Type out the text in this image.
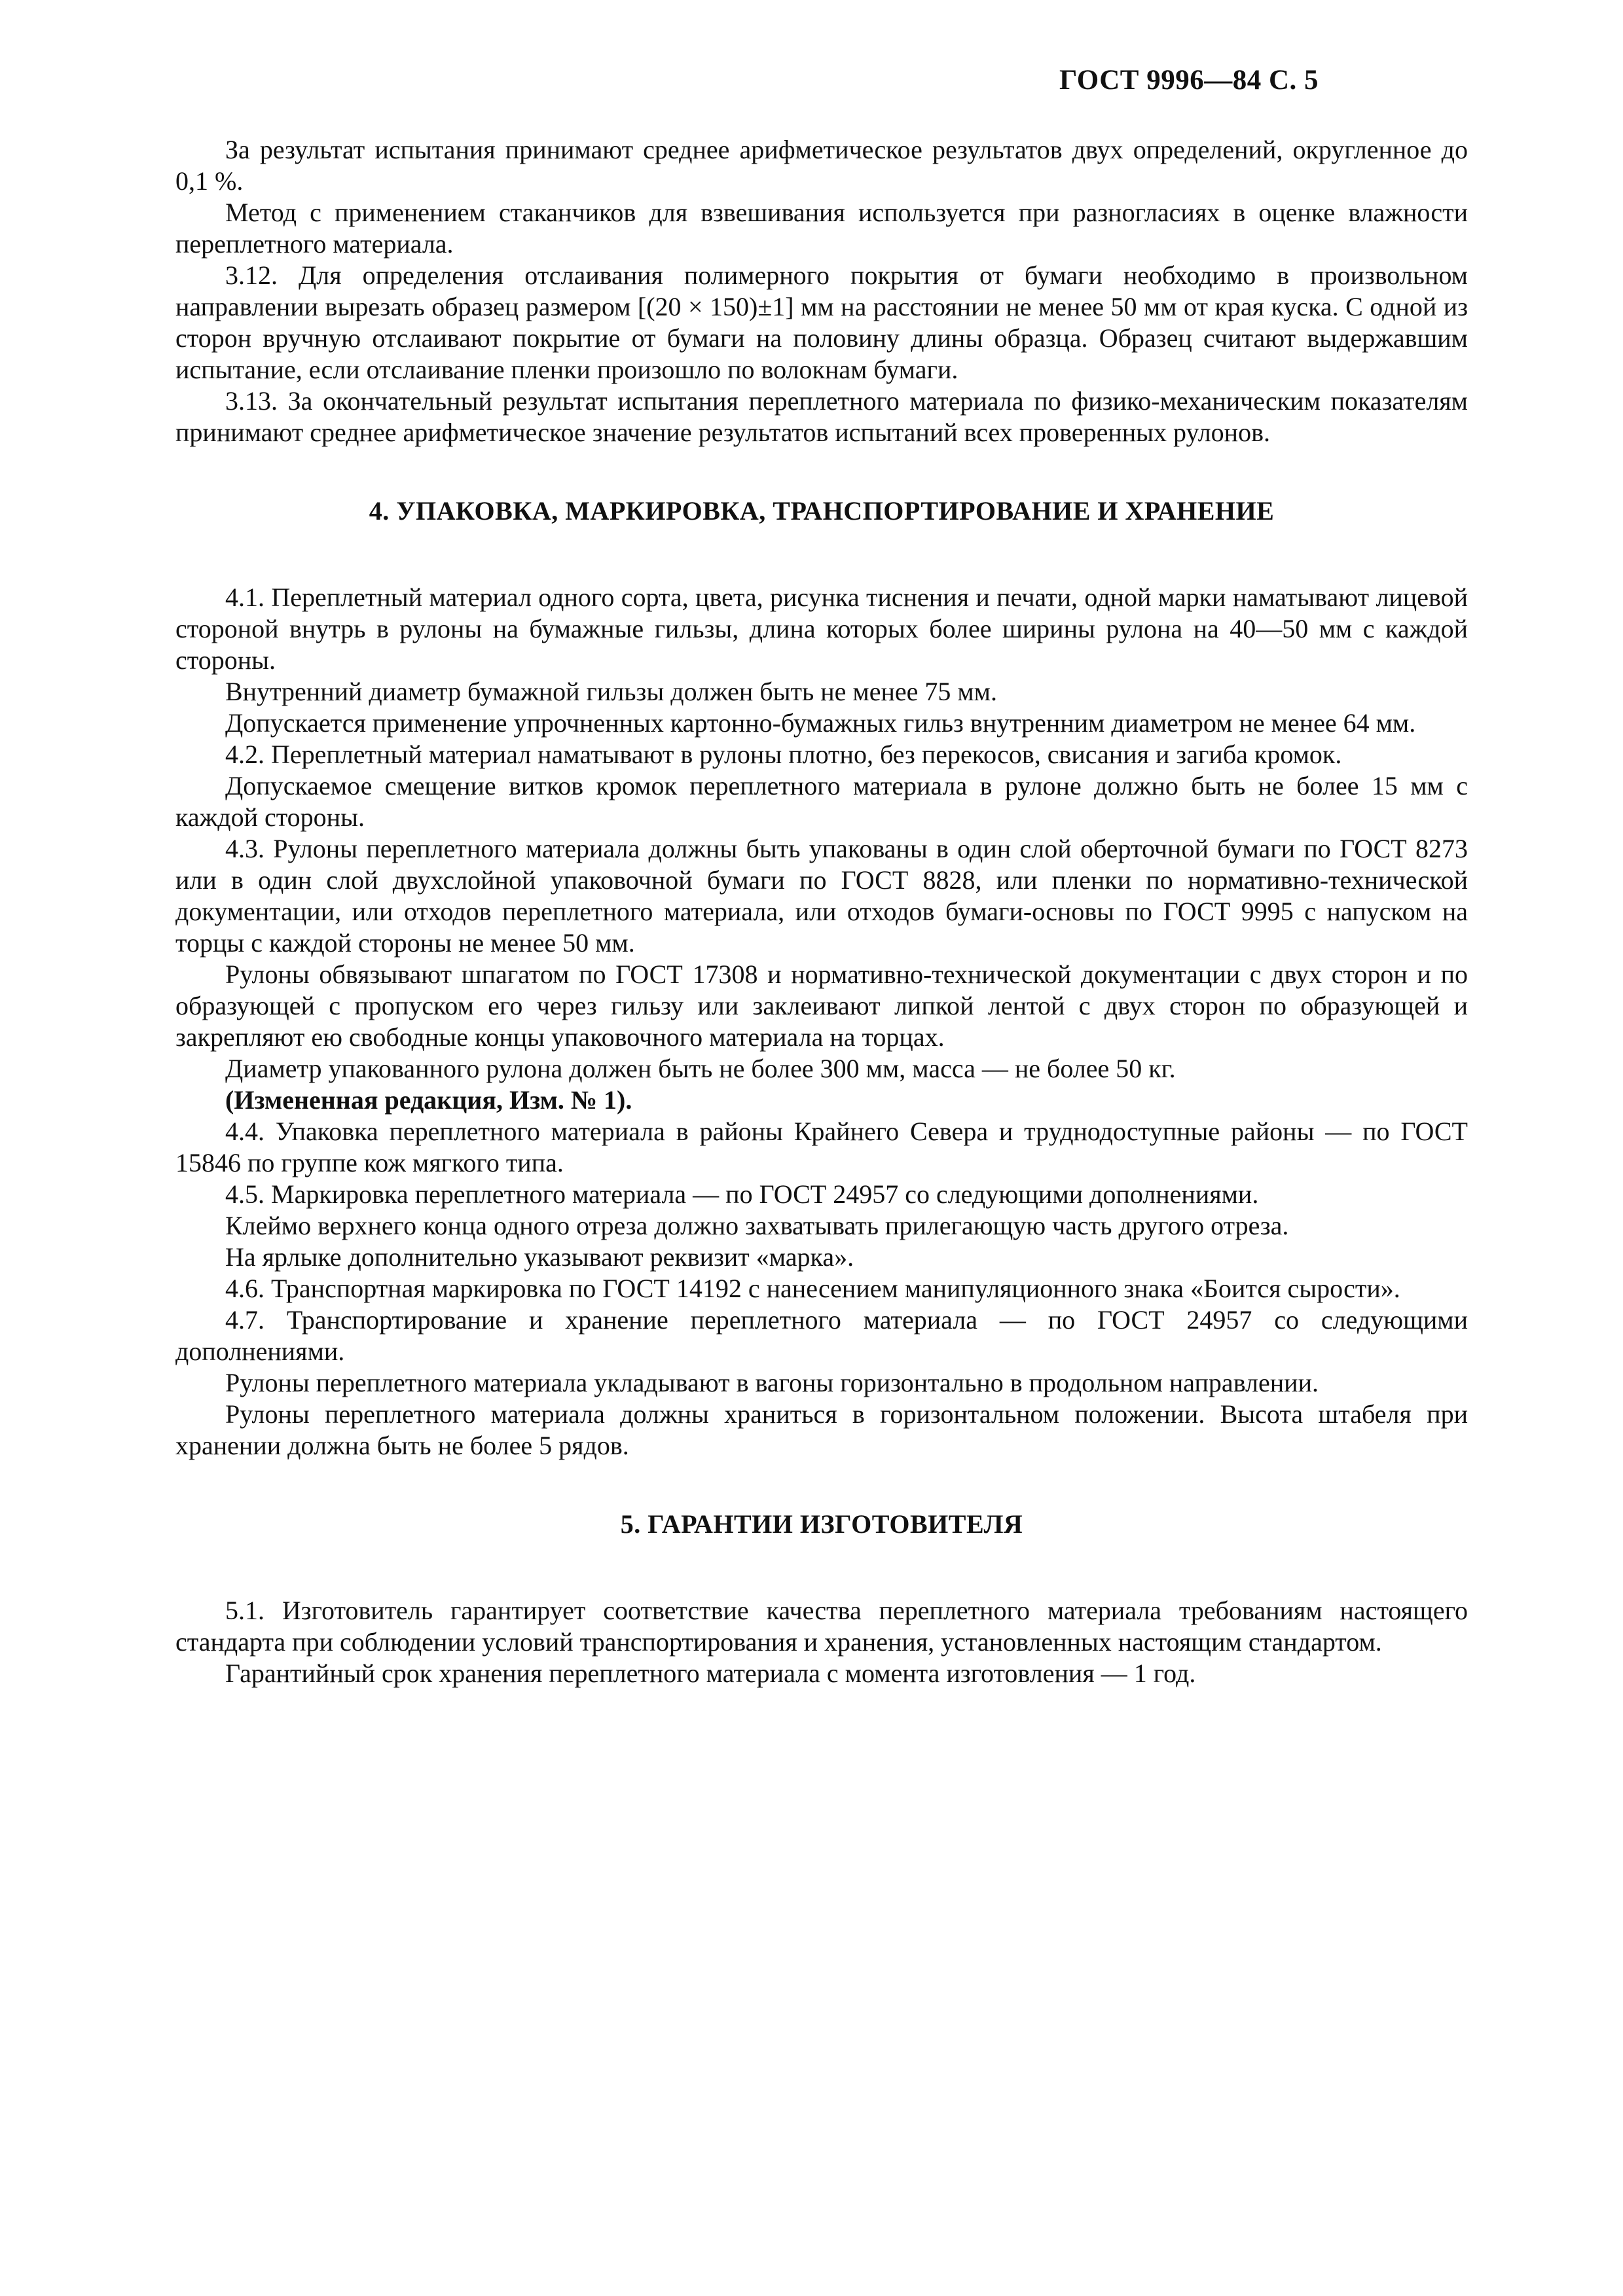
ГОСТ 9996—84 С. 5

За результат испытания принимают среднее арифметическое результатов двух определений, округленное до 0,1 %.

Метод с применением стаканчиков для взвешивания используется при разногласиях в оценке влажности переплетного материала.

3.12. Для определения отслаивания полимерного покрытия от бумаги необходимо в произвольном направлении вырезать образец размером [(20 × 150)±1] мм на расстоянии не менее 50 мм от края куска. С одной из сторон вручную отслаивают покрытие от бумаги на половину длины образца. Образец считают выдержавшим испытание, если отслаивание пленки произошло по волокнам бумаги.

3.13. За окончательный результат испытания переплетного материала по физико-механическим показателям принимают среднее арифметическое значение результатов испытаний всех проверенных рулонов.

4. УПАКОВКА, МАРКИРОВКА, ТРАНСПОРТИРОВАНИЕ И ХРАНЕНИЕ

4.1. Переплетный материал одного сорта, цвета, рисунка тиснения и печати, одной марки наматывают лицевой стороной внутрь в рулоны на бумажные гильзы, длина которых более ширины рулона на 40—50 мм с каждой стороны.

Внутренний диаметр бумажной гильзы должен быть не менее 75 мм.

Допускается применение упрочненных картонно-бумажных гильз внутренним диаметром не менее 64 мм.

4.2. Переплетный материал наматывают в рулоны плотно, без перекосов, свисания и загиба кромок.

Допускаемое смещение витков кромок переплетного материала в рулоне должно быть не более 15 мм с каждой стороны.

4.3. Рулоны переплетного материала должны быть упакованы в один слой оберточной бумаги по ГОСТ 8273 или в один слой двухслойной упаковочной бумаги по ГОСТ 8828, или пленки по нормативно-технической документации, или отходов переплетного материала, или отходов бумаги-основы по ГОСТ 9995 с напуском на торцы с каждой стороны не менее 50 мм.

Рулоны обвязывают шпагатом по ГОСТ 17308 и нормативно-технической документации с двух сторон и по образующей с пропуском его через гильзу или заклеивают липкой лентой с двух сторон по образующей и закрепляют ею свободные концы упаковочного материала на торцах.

Диаметр упакованного рулона должен быть не более 300 мм, масса — не более 50 кг.

(Измененная редакция, Изм. № 1).

4.4. Упаковка переплетного материала в районы Крайнего Севера и труднодоступные районы — по ГОСТ 15846 по группе кож мягкого типа.

4.5. Маркировка переплетного материала — по ГОСТ 24957 со следующими дополнениями.

Клеймо верхнего конца одного отреза должно захватывать прилегающую часть другого отреза.

На ярлыке дополнительно указывают реквизит «марка».

4.6. Транспортная маркировка по ГОСТ 14192 с нанесением манипуляционного знака «Боится сырости».

4.7. Транспортирование и хранение переплетного материала — по ГОСТ 24957 со следующими дополнениями.

Рулоны переплетного материала укладывают в вагоны горизонтально в продольном направлении.

Рулоны переплетного материала должны храниться в горизонтальном положении. Высота штабеля при хранении должна быть не более 5 рядов.

5. ГАРАНТИИ ИЗГОТОВИТЕЛЯ

5.1. Изготовитель гарантирует соответствие качества переплетного материала требованиям настоящего стандарта при соблюдении условий транспортирования и хранения, установленных настоящим стандартом.

Гарантийный срок хранения переплетного материала с момента изготовления — 1 год.
